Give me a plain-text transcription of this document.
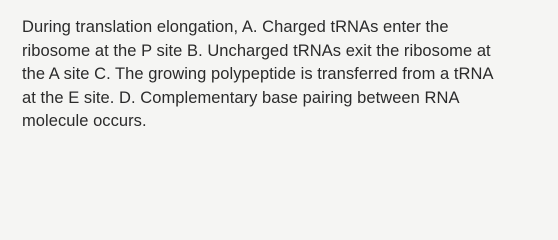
During translation elongation, A. Charged tRNAs enter the
ribosome at the P site B. Uncharged tRNAs exit the ribosome at
the A site C. The growing polypeptide is transferred from a tRNA
at the E site. D. Complementary base pairing between RNA
molecule occurs.
